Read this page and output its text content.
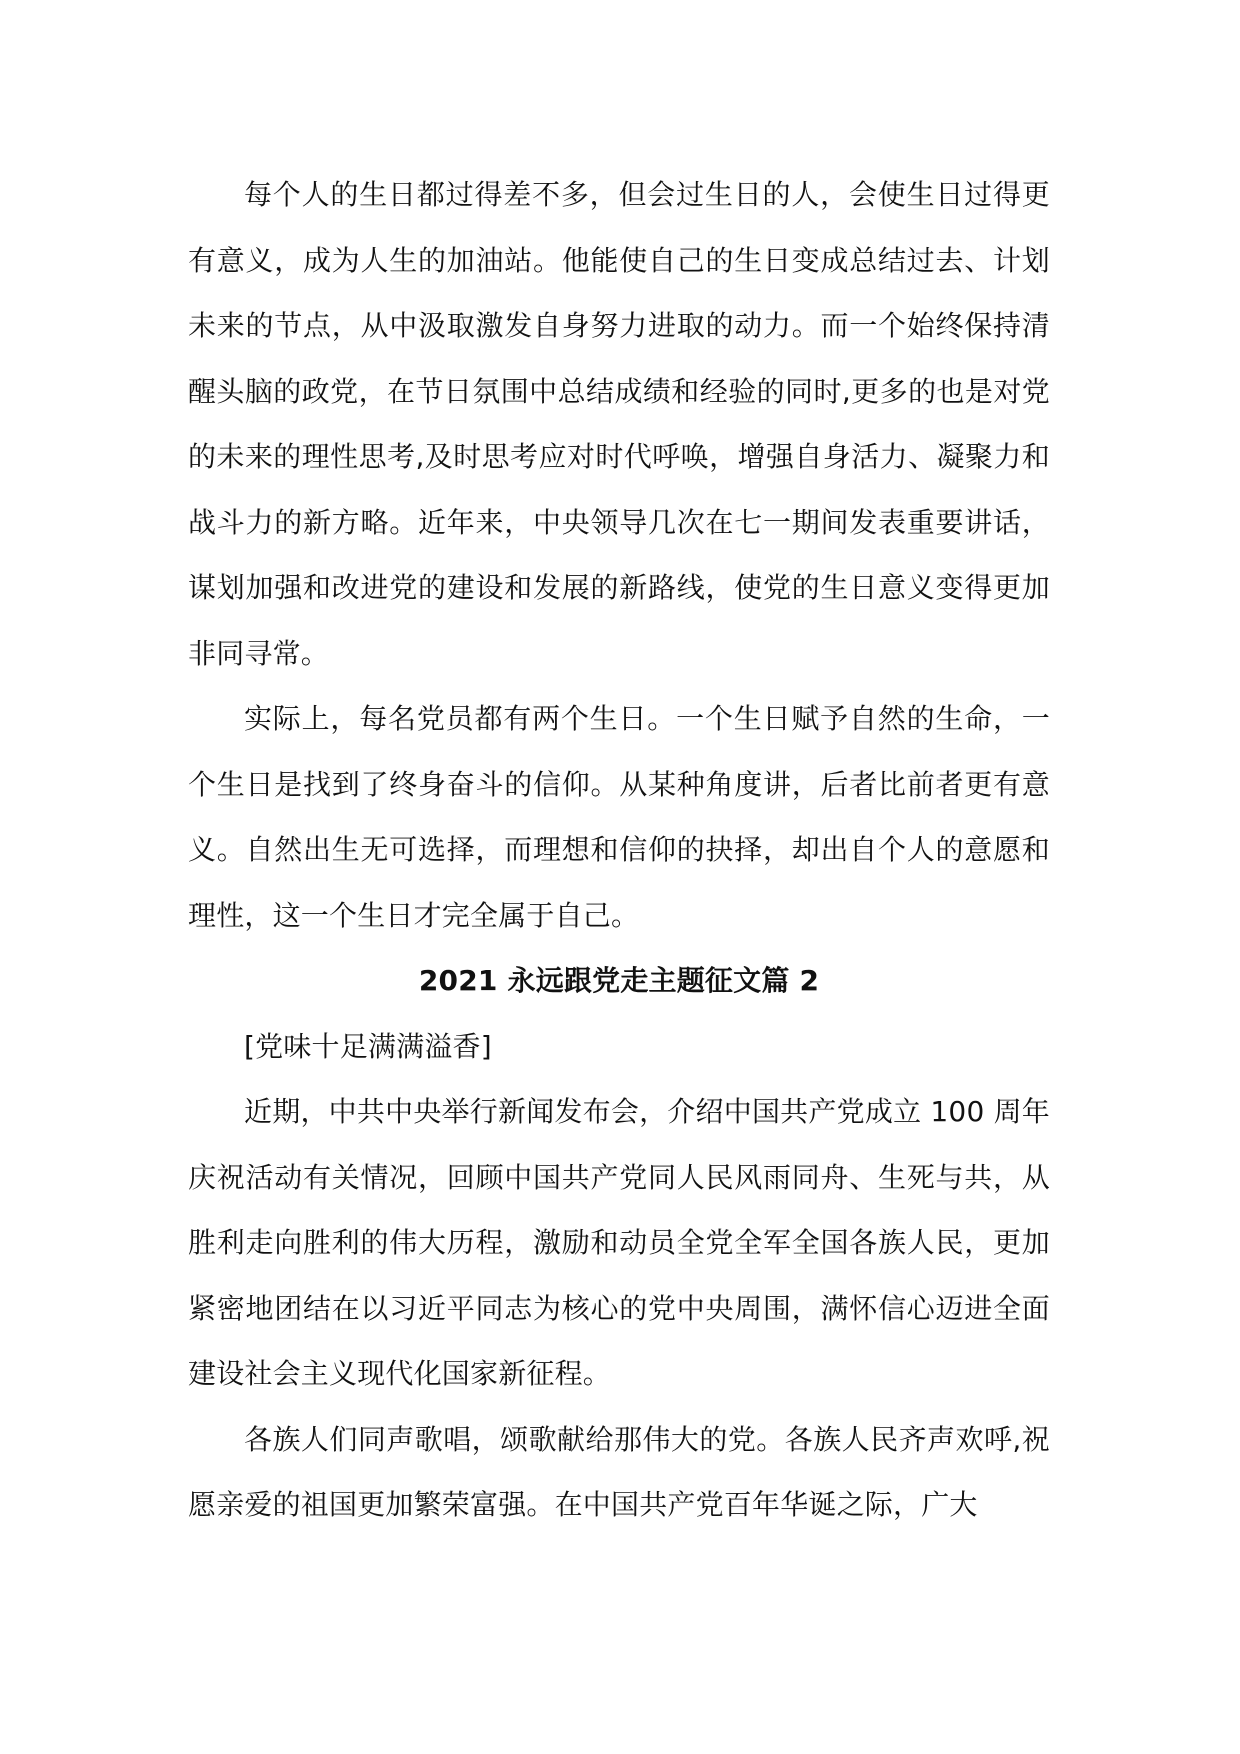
每个人的生日都过得差不多，但会过生日的人，会使生日过得更有意义，成为人生的加油站。他能使自己的生日变成总结过去、计划未来的节点，从中汲取激发自身努力进取的动力。而一个始终保持清醒头脑的政党，在节日氛围中总结成绩和经验的同时,更多的也是对党的未来的理性思考,及时思考应对时代呼唤，增强自身活力、凝聚力和战斗力的新方略。近年来，中央领导几次在七一期间发表重要讲话，谋划加强和改进党的建设和发展的新路线，使党的生日意义变得更加非同寻常。

实际上，每名党员都有两个生日。一个生日赋予自然的生命，一个生日是找到了终身奋斗的信仰。从某种角度讲，后者比前者更有意义。自然出生无可选择，而理想和信仰的抉择，却出自个人的意愿和理性，这一个生日才完全属于自己。

2021 永远跟党走主题征文篇 2

[党味十足满满溢香]

近期，中共中央举行新闻发布会，介绍中国共产党成立 100 周年庆祝活动有关情况，回顾中国共产党同人民风雨同舟、生死与共，从胜利走向胜利的伟大历程，激励和动员全党全军全国各族人民，更加紧密地团结在以习近平同志为核心的党中央周围，满怀信心迈进全面建设社会主义现代化国家新征程。

各族人们同声歌唱，颂歌献给那伟大的党。各族人民齐声欢呼,祝愿亲爱的祖国更加繁荣富强。在中国共产党百年华诞之际，广大
